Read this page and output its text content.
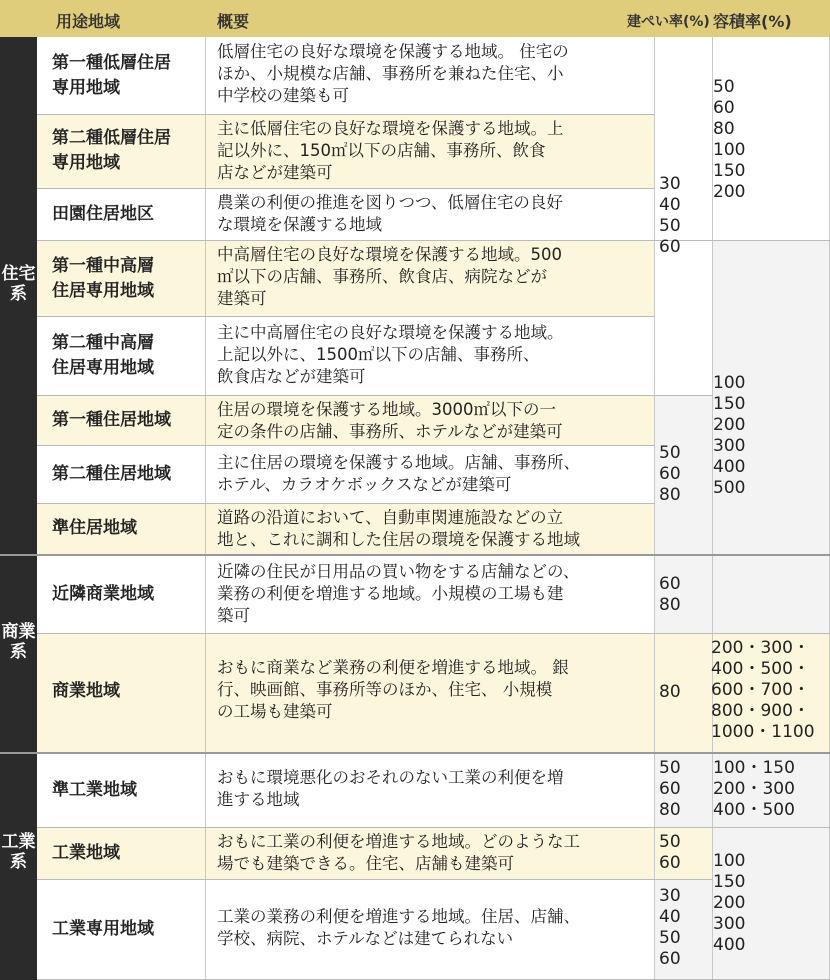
用途地域	概要	建ぺい率(%) 容積率(%)
住宅系
商業系
工業系
第一種低層住居
専用地域
低層住宅の良好な環境を保護する地域。 住宅の
ほか、小規模な店舗、事務所を兼ねた住宅、小
中学校の建築も可
第二種低層住居
専用地域
主に低層住宅の良好な環境を保護する地域。上
記以外に、150㎡以下の店舗、事務所、飲食
店などが建築可
田園住居地区
農業の利便の推進を図りつつ、低層住宅の良好
な環境を保護する地域
第一種中高層
住居専用地域
中高層住宅の良好な環境を保護する地域。500
㎡以下の店舗、事務所、飲食店、病院などが
建築可
第二種中高層
住居専用地域
主に中高層住宅の良好な環境を保護する地域。
上記以外に、1500㎡以下の店舗、事務所、
飲食店などが建築可
第一種住居地域
住居の環境を保護する地域。3000㎡以下の一
定の条件の店舗、事務所、ホテルなどが建築可
第二種住居地域
主に住居の環境を保護する地域。店舗、事務所、
ホテル、カラオケボックスなどが建築可
準住居地域
道路の沿道において、自動車関連施設などの立
地と、これに調和した住居の環境を保護する地域
近隣商業地域
近隣の住民が日用品の買い物をする店舗などの、
業務の利便を増進する地域。小規模の工場も建
築可
商業地域
おもに商業など業務の利便を増進する地域。 銀
行、映画館、事務所等のほか、住宅、 小規模
の工場も建築可
準工業地域
おもに環境悪化のおそれのない工業の利便を増
進する地域
工業地域
おもに工業の利便を増進する地域。どのような工
場でも建築できる。住宅、店舗も建築可
工業専用地域
工業の業務の利便を増進する地域。住居、店舗、
学校、病院、ホテルなどは建てられない
30
40
50
60
50
60
80
60
80
80
50
60
80
50
60
30
40
50
60
50
60
80
100
150
200
100
150
200
300
400
500
200・300・
400・500・
600・700・
800・900・
1000・1100
100・150
200・300
400・500
100
150
200
300
400
